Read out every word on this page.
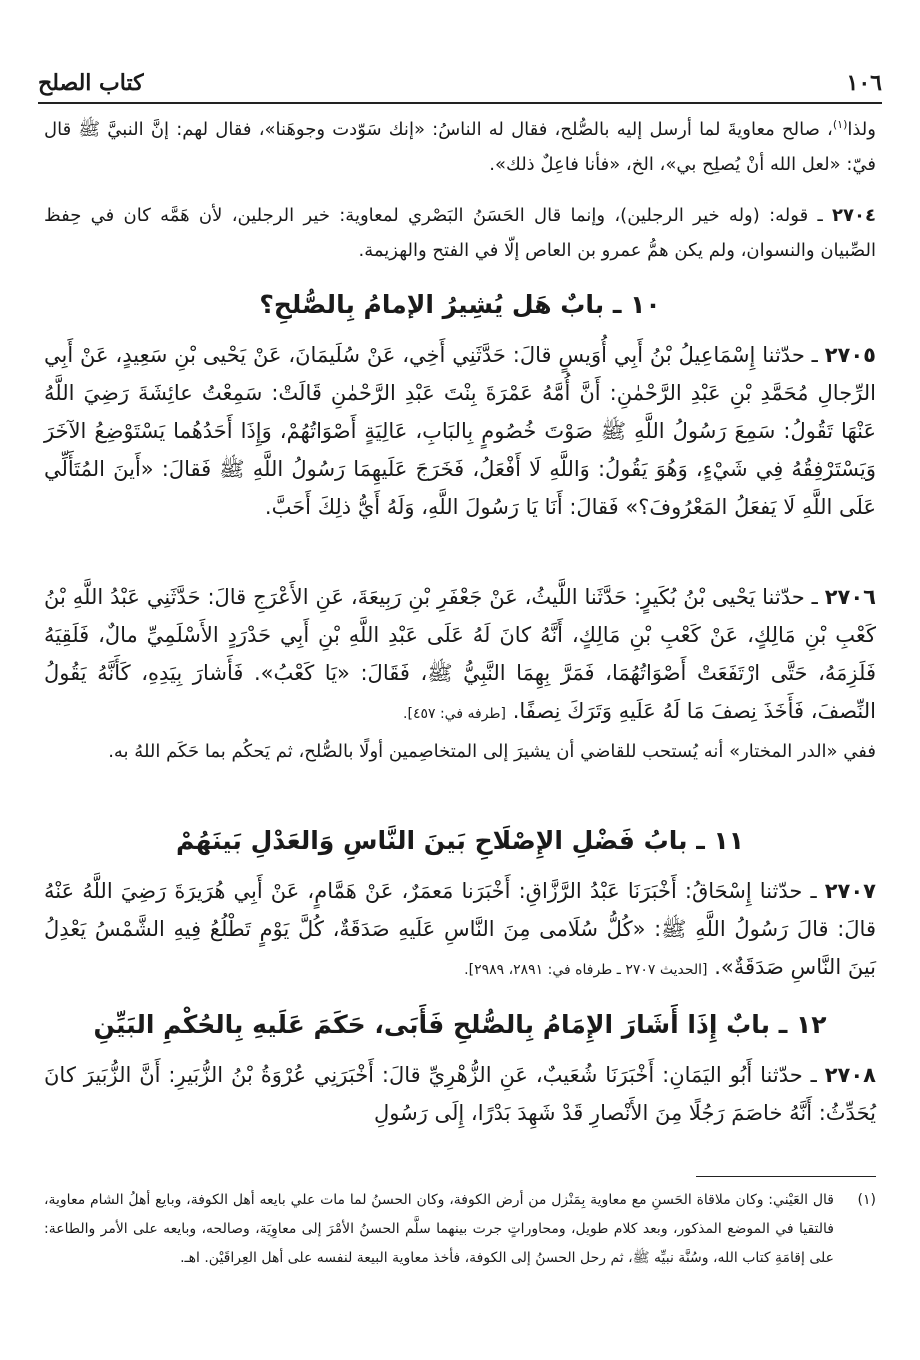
١٠٦
كتاب الصلح
ولذا$^{(١)}$، صالح معاويةَ لما أرسل إليه بالصُّلح، فقال له الناسُ: «إنك سَوّدت وجوهَنا»، فقال لهم: إنَّ النبيَّ ﷺ قال فيّ: «لعل الله أنْ يُصلِح بي»، الخ، «فأنا فاعِلٌ ذلك».
٢٧٠٤ ـ قوله: (وله خير الرجلين)، وإنما قال الحَسَنُ البَصْري لمعاوية: خير الرجلين، لأن هَمَّه كان في حِفظ الصِّبيان والنسوان، ولم يكن همُّ عمرو بن العاص إلّا في الفتح والهزيمة.
١٠ ـ بابٌ هَل يُشِيرُ الإمامُ بِالصُّلحِ؟
٢٧٠٥ ـ حدّثنا إِسْمَاعِيلُ بْنُ أَبِي أُوَيسٍ قالَ: حَدَّثَنِي أَخِي، عَنْ سُلَيمَانَ، عَنْ يَحْيى بْنِ سَعِيدٍ، عَنْ أَبِي الرِّجالِ مُحَمَّدِ بْنِ عَبْدِ الرَّحْمٰنِ: أَنَّ أُمَّهُ عَمْرَةَ بِنْتَ عَبْدِ الرَّحْمٰنِ قَالَتْ: سَمِعْتُ عائِشَةَ رَضِيَ اللَّهُ عَنْهَا تَقُولُ: سَمِعَ رَسُولُ اللَّهِ ﷺ صَوْتَ خُصُومٍ بِالبَابِ، عَالِيَةٍ أَصْوَاتُهُمْ، وَإِذَا أَحَدُهُما يَسْتَوْضِعُ الآخَرَ وَيَسْتَرْفِقُهُ فِي شَيْءٍ، وَهُوَ يَقُولُ: وَاللَّهِ لَا أَفْعَلُ، فَخَرَجَ عَلَيهِمَا رَسُولُ اللَّهِ ﷺ فَقالَ: «أَينَ المُتَأَلِّي عَلَى اللَّهِ لَا يَفعَلُ المَعْرُوفَ؟» فَقالَ: أَنَا يَا رَسُولَ اللَّهِ، وَلَهُ أَيُّ ذلِكَ أَحَبَّ.
٢٧٠٦ ـ حدّثنا يَحْيى بْنُ بُكَيرٍ: حَدَّثَنا اللَّيثُ، عَنْ جَعْفَرِ بْنِ رَبِيعَةَ، عَنِ الأَعْرَجِ قالَ: حَدَّثَنِي عَبْدُ اللَّهِ بْنُ كَعْبِ بْنِ مَالِكٍ، عَنْ كَعْبِ بْنِ مَالِكٍ، أَنَّهُ كانَ لَهُ عَلَى عَبْدِ اللَّهِ بْنِ أَبِي حَدْرَدٍ الأَسْلَمِيِّ مالٌ، فَلَقِيَهُ فَلَزِمَهُ، حَتَّى ارْتَفَعَتْ أَصْوَاتُهُمَا، فَمَرَّ بِهِمَا النَّبِيُّ ﷺ، فَقَالَ: «يَا كَعْبُ». فَأَشارَ بِيَدِهِ، كَأَنَّهُ يَقُولُ النِّصفَ، فَأَخَذَ نِصفَ مَا لَهُ عَلَيهِ وَتَرَكَ نِصفًا. [طرفه في: ٤٥٧].
ففي «الدر المختار» أنه يُستحب للقاضي أن يشيرَ إلى المتخاصِمين أولًا بالصُّلح، ثم يَحكُم بما حَكَم اللهُ به.
١١ ـ بابُ فَضْلِ الإِصْلَاحِ بَينَ النَّاسِ وَالعَدْلِ بَينَهُمْ
٢٧٠٧ ـ حدّثنا إِسْحَاقُ: أَخْبَرَنَا عَبْدُ الرَّزَّاقِ: أَخْبَرَنا مَعمَرٌ، عَنْ هَمَّامٍ، عَنْ أَبِي هُرَيرَةَ رَضِيَ اللَّهُ عَنْهُ قالَ: قالَ رَسُولُ اللَّهِ ﷺ: «كُلُّ سُلَامى مِنَ النَّاسِ عَلَيهِ صَدَقَةٌ، كُلَّ يَوْمٍ تَطْلُعُ فِيهِ الشَّمْسُ يَعْدِلُ بَينَ النَّاسِ صَدَقَةٌ». [الحديث ٢٧٠٧ ـ طرفاه في: ٢٨٩١، ٢٩٨٩].
١٢ ـ بابٌ إِذَا أَشَارَ الإِمَامُ بِالصُّلحِ فَأَبَى، حَكَمَ عَلَيهِ بِالحُكْمِ البَيِّنِ
٢٧٠٨ ـ حدّثنا أَبُو اليَمَانِ: أَخْبَرَنَا شُعَيبٌ، عَنِ الزُّهْرِيِّ قالَ: أَخْبَرَنِي عُرْوَةُ بْنُ الزُّبَيرِ: أَنَّ الزُّبَيرَ كانَ يُحَدِّثُ: أَنَّهُ خاصَمَ رَجُلًا مِنَ الأَنْصارِ قَدْ شَهِدَ بَدْرًا، إِلَى رَسُولِ
(١)
قال العَيْني: وكان ملاقاة الحَسنِ مع معاوية بِمَنْزل من أرض الكوفة، وكان الحسنُ لما مات علي بايعه أهل الكوفة، وبايع أهلُ الشام معاوية، فالتقيا في الموضع المذكور، وبعد كلام طويل، ومحاوراتٍ جرت بينهما سلَّم الحسنُ الأمْرَ إلى معاوِيَة، وصالحه، وبايعه على الأمر والطاعة: على إقامَةِ كتاب الله، وسُنَّة نبيِّه ﷺ، ثم رحل الحسنُ إلى الكوفة، فأخذ معاوية البيعة لنفسه على أهل العِراقَيْن. اهـ.
